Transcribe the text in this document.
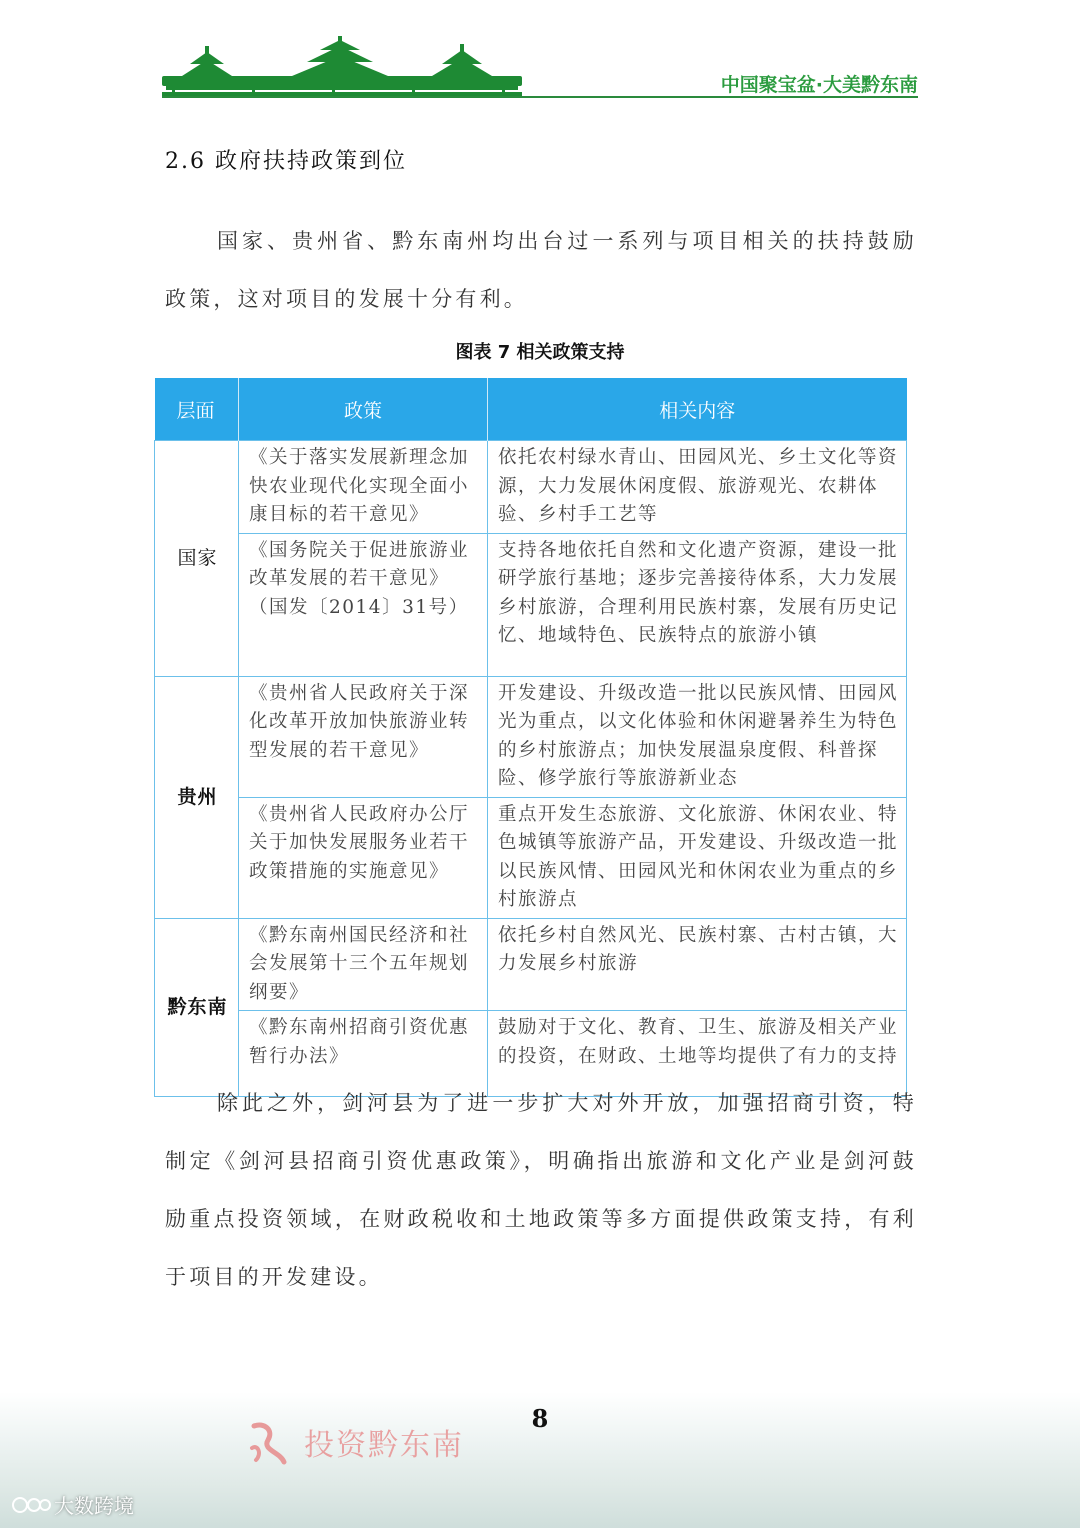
中国聚宝盆·大美黔东南
2.6 政府扶持政策到位

国家、贵州省、黔东南州均出台过一系列与项目相关的扶持鼓励政策，这对项目的发展十分有利。

图表 7 相关政策支持
层面	政策	相关内容
国家	《关于落实发展新理念加快农业现代化实现全面小康目标的若干意见》	依托农村绿水青山、田园风光、乡土文化等资源，大力发展休闲度假、旅游观光、农耕体验、乡村手工艺等
	《国务院关于促进旅游业改革发展的若干意见》（国发〔2014〕31号）	支持各地依托自然和文化遗产资源，建设一批研学旅行基地；逐步完善接待体系，大力发展乡村旅游，合理利用民族村寨，发展有历史记忆、地域特色、民族特点的旅游小镇
贵州	《贵州省人民政府关于深化改革开放加快旅游业转型发展的若干意见》	开发建设、升级改造一批以民族风情、田园风光为重点，以文化体验和休闲避暑养生为特色的乡村旅游点；加快发展温泉度假、科普探险、修学旅行等旅游新业态
	《贵州省人民政府办公厅关于加快发展服务业若干政策措施的实施意见》	重点开发生态旅游、文化旅游、休闲农业、特色城镇等旅游产品，开发建设、升级改造一批以民族风情、田园风光和休闲农业为重点的乡村旅游点
黔东南	《黔东南州国民经济和社会发展第十三个五年规划纲要》	依托乡村自然风光、民族村寨、古村古镇，大力发展乡村旅游
	《黔东南州招商引资优惠暂行办法》	鼓励对于文化、教育、卫生、旅游及相关产业的投资，在财政、土地等均提供了有力的支持

除此之外，剑河县为了进一步扩大对外开放，加强招商引资，特制定《剑河县招商引资优惠政策》，明确指出旅游和文化产业是剑河鼓励重点投资领域，在财政税收和土地政策等多方面提供政策支持，有利于项目的开发建设。

8
投资黔东南
大数跨境
